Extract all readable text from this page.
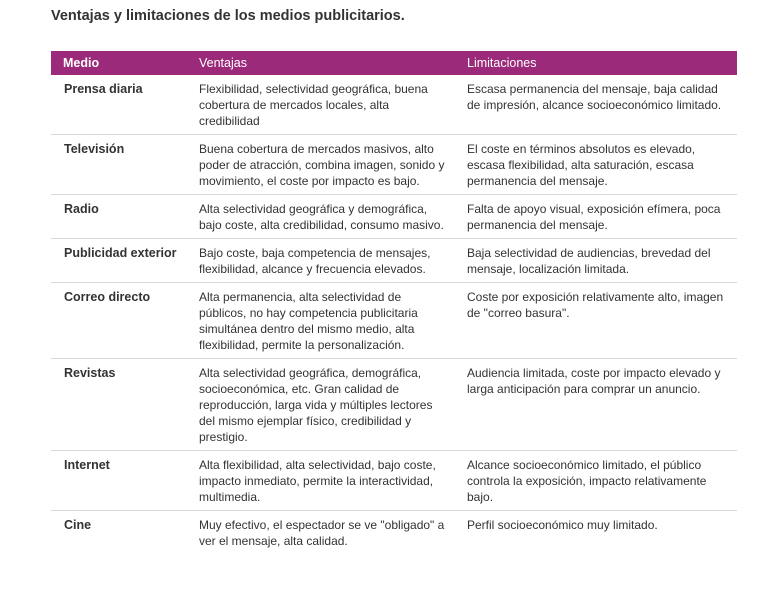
Ventajas y limitaciones de los medios publicitarios.
Medio	Ventajas	Limitaciones
Prensa diaria	Flexibilidad, selectividad geográfica, buena cobertura de mercados locales, alta credibilidad	Escasa permanencia del mensaje, baja calidad de impresión, alcance socioeconómico limitado.
Televisión	Buena cobertura de mercados masivos, alto poder de atracción, combina imagen, sonido y movimiento, el coste por impacto es bajo.	El coste en términos absolutos es elevado, escasa flexibilidad, alta saturación, escasa permanencia del mensaje.
Radio	Alta selectividad geográfica y demográfica, bajo coste, alta credibilidad, consumo masivo.	Falta de apoyo visual, exposición efímera, poca permanencia del mensaje.
Publicidad exterior	Bajo coste, baja competencia de mensajes, flexibilidad, alcance y frecuencia elevados.	Baja selectividad de audiencias, brevedad del mensaje, localización limitada.
Correo directo	Alta permanencia, alta selectividad de públicos, no hay competencia publicitaria simultánea dentro del mismo medio, alta flexibilidad, permite la personalización.	Coste por exposición relativamente alto, imagen de "correo basura".
Revistas	Alta selectividad geográfica, demográfica, socioeconómica, etc. Gran calidad de reproducción, larga vida y múltiples lectores del mismo ejemplar físico, credibilidad y prestigio.	Audiencia limitada, coste por impacto elevado y larga anticipación para comprar un anuncio.
Internet	Alta flexibilidad, alta selectividad, bajo coste, impacto inmediato, permite la interactividad, multimedia.	Alcance socioeconómico limitado, el público controla la exposición, impacto relativamente bajo.
Cine	Muy efectivo, el espectador se ve "obligado" a ver el mensaje, alta calidad.	Perfil socioeconómico muy limitado.
